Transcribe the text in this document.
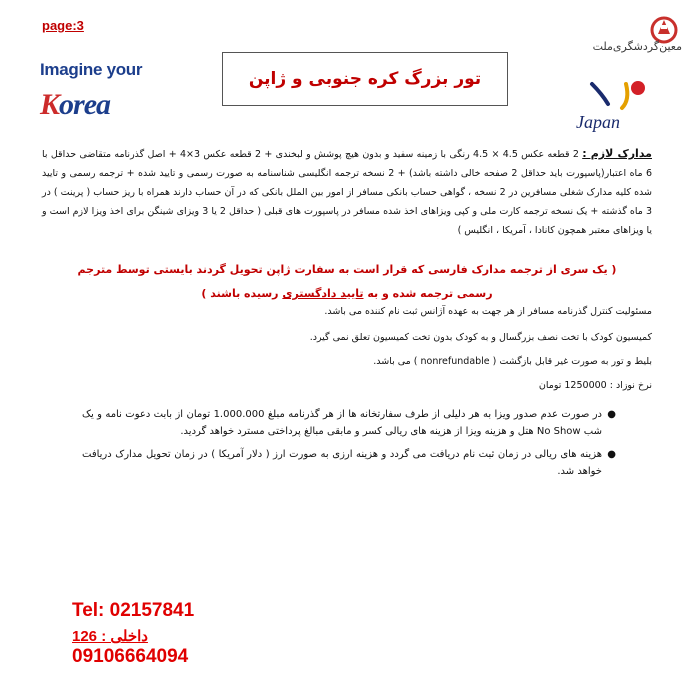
page:3
معین‌گردشگری‌ملت
Imagine your
Korea
تور بزرگ کره جنوبی و ژاپن
Japan
مدارک لازم : 2 قطعه عکس 4.5 × 4.5 رنگی با زمینه سفید و بدون هیچ پوشش و لبخندی + 2 قطعه عکس 3×4 + اصل گذرنامه متقاضی حداقل با 6 ماه اعتبار(پاسپورت باید حداقل 2 صفحه خالی داشته باشد) + 2 نسخه ترجمه انگلیسی شناسنامه به صورت رسمی و تایید شده + ترجمه رسمی و تایید شده کلیه مدارک شغلی مسافرین در 2 نسخه ، گواهی حساب بانکی مسافر از امور بین الملل بانکی که در آن حساب دارند همراه با ریز حساب ( پرینت ) در 3 ماه گذشته + یک نسخه ترجمه کارت ملی و کپی ویزاهای اخذ شده مسافر در پاسپورت های قبلی ( حداقل 2 یا 3 ویزای شینگن برای اخذ ویزا لازم است و یا ویزاهای معتبر همچون کانادا ، آمریکا ، انگلیس )
( یک سری از ترجمه مدارک فارسی که قرار است به سفارت ژاپن تحویل گردند بایستی توسط مترجم
رسمی ترجمه شده و به تایید دادگستری رسیده باشند )
مسئولیت کنترل گذرنامه مسافر از هر جهت به عهده آژانس ثبت نام کننده می باشد.
کمیسیون کودک با تخت نصف بزرگسال و به کودک بدون تخت کمیسیون تعلق نمی گیرد.
بلیط و تور به صورت غیر قابل بازگشت ( nonrefundable ) می باشد.
نرخ نوزاد : 1250000 تومان
●
در صورت عدم صدور ویزا به هر دلیلی از طرف سفارتخانه ها از هر گذرنامه مبلغ 1.000.000 تومان از بابت دعوت نامه و یک شب No Show هتل و هزینه ویزا از هزینه های ریالی کسر و مابقی مبالغ پرداختی مسترد خواهد گردید.
●
هزینه های ریالی در زمان ثبت نام دریافت می گردد و هزینه ارزی به صورت ارز ( دلار آمریکا ) در زمان تحویل مدارک دریافت خواهد شد.
Tel: 02157841
داخلی : 126
09106664094
